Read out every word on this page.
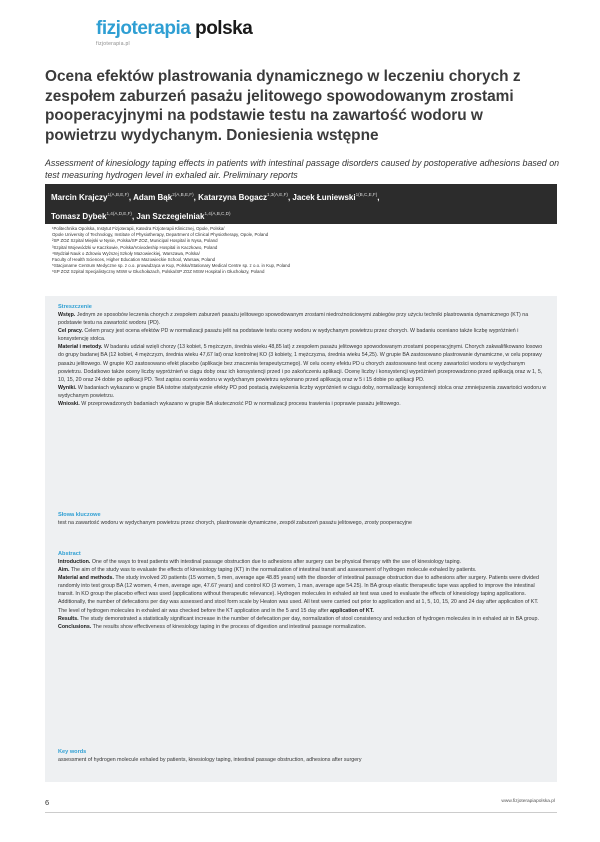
fizjoterapia polska
fizjoterapia.pl
Ocena efektów plastrowania dynamicznego w leczeniu chorych z zespołem zaburzeń pasażu jelitowego spowodowanym zrostami pooperacyjnymi na podstawie testu na zawartość wodoru w powietrzu wydychanym. Doniesienia wstępne

Assessment of kinesiology taping effects in patients with intestinal passage disorders caused by postoperative adhesions based on test measuring hydrogen level in exhaled air. Preliminary reports

Marcin Krajczy$^{1(A,B,E,F)}$, Adam Bąk$^{2(A,B,E,F)}$, Katarzyna Bogacz$^{1,3(A,E,F)}$, Jacek Łuniewski$^{1(B,C,E,F)}$,
Tomasz Dybek$^{1,4(A,D,E,F)}$, Jan Szczegielniak$^{1,4(A,B,C,D)}$
¹Politechnika Opolska, Instytut Fizjoterapii, Katedra Fizjoterapii Klinicznej, Opole, Polska/
Opole University of Technology, Institute of Physiotherapy, Department of Clinical Physiotherapy, Opole, Poland
²SP ZOZ Szpital Miejski w Nysie, Polska/SP ZOZ, Municipal Hospital in Nysa, Poland
³Szpital Wojewódzki w Kaczkowie, Polska/Voivodeship Hospital in Kaczkowo, Poland
⁴Wydział Nauk o Zdrowiu Wyższej Szkoły Mazowieckiej, Warszawa, Polska/
Faculty of Health Sciences, Higher Education Mazowieckie School, Warsaw, Poland
⁵Stacjonarne Centrum Medyczne sp. z o.o. prowadząca w Kup, Polska/Stationary Medical Centre sp. z o.o. in Kup, Poland
⁶SP ZOZ Szpital Specjalistyczny MSW w Głuchołazach, Polska/SP ZOZ MSW Hospital in Głuchołazy, Poland
Streszczenie
Wstęp. Jednym ze sposobów leczenia chorych z zespołem zaburzeń pasażu jelitowego spowodowanym zrostami niedrożnościowymi zabiegów przy użyciu techniki plastrowania dynamicznego (KT) na podstawie testu na zawartość wodoru (PD).
Cel pracy. Celem pracy jest ocena efektów PD w normalizacji pasażu jelit na podstawie testu oceny wodoru w wydychanym powietrzu przez chorych. W badaniu oceniano także liczbę wypróżnień i konsystencję stolca.
Materiał i metody. W badaniu udział wzięli chorzy (13 kobiet, 5 mężczyzn, średnia wieku 48,85 lat) z zespołem pasażu jelitowego spowodowanym zrostami pooperacyjnymi. Chorych zakwalifikowano losowo do grupy badanej BA (12 kobiet, 4 mężczyzn, średnia wieku 47,67 lat) oraz kontrolnej KO (3 kobiety, 1 mężczyzna, średnia wieku 54,25). W grupie BA zastosowano plastrowanie dynamiczne, w celu poprawy pasażu jelitowego. W grupie KO zastosowano efekt placebo (aplikacje bez znaczenia terapeutycznego). W celu oceny efektu PD u chorych zastosowano test oceny zawartości wodoru w wydychanym powietrzu. Dodatkowo także oceny liczby wypróżnień w ciągu doby oraz ich konsystencji przed i po zakończeniu aplikacji. Ocenę liczby i konsystencji wypróżnień przeprowadzono przed aplikacją oraz w 1, 5, 10, 15, 20 oraz 24 dobie po aplikacji PD. Test zapisu ocenia wodoru w wydychanym powietrzu wykonano przed aplikacją oraz w 5 i 15 dobie po aplikacji PD.
Wyniki. W badaniach wykazano w grupie BA istotne statystycznie efekty PD pod postacią zwiększenia liczby wypróżnień w ciągu doby, normalizację konsystencji stolca oraz zmniejszenia zawartości wodoru w wydychanym powietrzu.
Wnioski. W przeprowadzonych badaniach wykazano w grupie BA skuteczność PD w normalizacji procesu trawienia i poprawie pasażu jelitowego.
Słowa kluczowe
test na zawartość wodoru w wydychanym powietrzu przez chorych, plastrowanie dynamiczne, zespół zaburzeń pasażu jelitowego, zrosty pooperacyjne
Abstract
Introduction. One of the ways to treat patients with intestinal passage obstruction due to adhesions after surgery can be physical therapy with the use of kinesiology taping.
Aim. The aim of the study was to evaluate the effects of kinesiology taping (KT) in the normalization of intestinal transit and assessment of hydrogen molecule exhaled by patients.
Material and methods. The study involved 20 patients (15 women, 5 men, average age 48.85 years) with the disorder of intestinal passage obstruction due to adhesions after surgery. Patients were divided randomly into test group BA (12 women, 4 men, average age, 47.67 years) and control KO (3 women, 1 man, average age 54.25). In BA group elastic therapeutic tape was applied to improve the intestinal transit. In KO group the placebo effect was used (applications without therapeutic relevance). Hydrogen molecules in exhaled air test was used to evaluate the effects of kinesiology taping applications. Additionally, the number of defecations per day was assessed and stool form scale by Heaton was used. All test were carried out prior to application and at 1, 5, 10, 15, 20 and 24 day after application of KT. The level of hydrogen molecules in exhaled air was checked before the KT application and in the 5 and 15 day after application of KT.
Results. The study demonstrated a statistically significant increase in the number of defecation per day, normalization of stool consistency and reduction of hydrogen molecules in in exhaled air in BA group.
Conclusions. The results show effectiveness of kinesiology taping in the process of digestion and intestinal passage normalization.
Key words
assessment of hydrogen molecule exhaled by patients, kinesiology taping, intestinal passage obstruction, adhesions after surgery
6	www.fizjoterapiapolska.pl
